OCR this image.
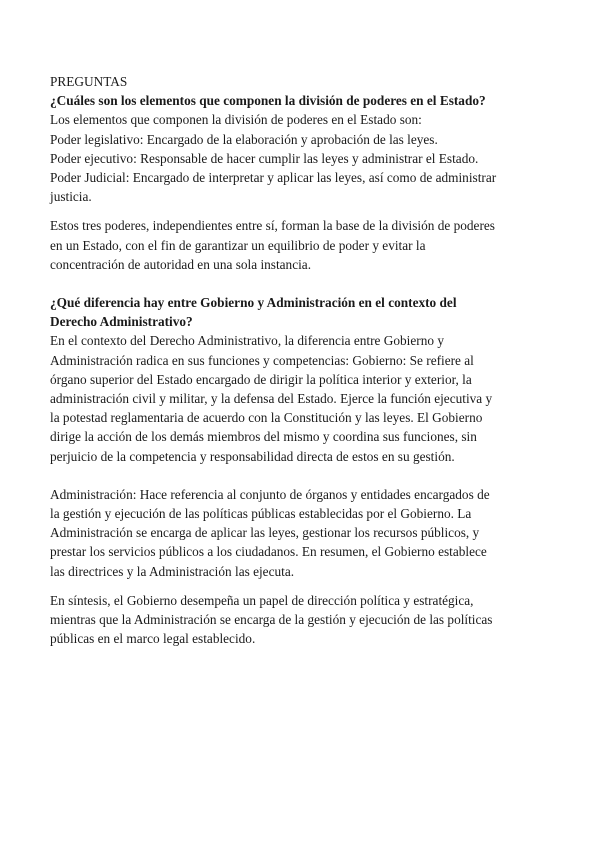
PREGUNTAS
¿Cuáles son los elementos que componen la división de poderes en el Estado?
Los elementos que componen la división de poderes en el Estado son:
Poder legislativo: Encargado de la elaboración y aprobación de las leyes.
Poder ejecutivo: Responsable de hacer cumplir las leyes y administrar el Estado.
Poder Judicial: Encargado de interpretar y aplicar las leyes, así como de administrar
justicia.
Estos tres poderes, independientes entre sí, forman la base de la división de poderes
en un Estado, con el fin de garantizar un equilibrio de poder y evitar la
concentración de autoridad en una sola instancia.
¿Qué diferencia hay entre Gobierno y Administración en el contexto del
Derecho Administrativo?
En el contexto del Derecho Administrativo, la diferencia entre Gobierno y
Administración radica en sus funciones y competencias: Gobierno: Se refiere al
órgano superior del Estado encargado de dirigir la política interior y exterior, la
administración civil y militar, y la defensa del Estado. Ejerce la función ejecutiva y
la potestad reglamentaria de acuerdo con la Constitución y las leyes. El Gobierno
dirige la acción de los demás miembros del mismo y coordina sus funciones, sin
perjuicio de la competencia y responsabilidad directa de estos en su gestión.
Administración: Hace referencia al conjunto de órganos y entidades encargados de
la gestión y ejecución de las políticas públicas establecidas por el Gobierno. La
Administración se encarga de aplicar las leyes, gestionar los recursos públicos, y
prestar los servicios públicos a los ciudadanos. En resumen, el Gobierno establece
las directrices y la Administración las ejecuta.
En síntesis, el Gobierno desempeña un papel de dirección política y estratégica,
mientras que la Administración se encarga de la gestión y ejecución de las políticas
públicas en el marco legal establecido.
